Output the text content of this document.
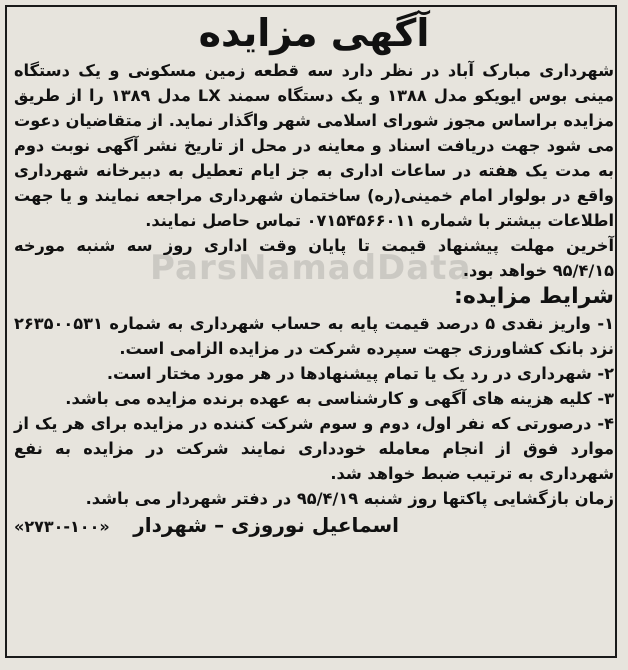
ParsNamadData
آگهی مزایده

شهرداری مبارک آباد در نظر دارد سه قطعه زمین مسکونی و یک دستگاه مینی بوس ایویکو مدل ۱۳۸۸ و یک دستگاه سمند LX مدل ۱۳۸۹ را از طریق مزایده براساس مجوز شورای اسلامی شهر واگذار نماید. از متقاضیان دعوت می شود جهت دریافت اسناد و معاینه در محل از تاریخ نشر آگهی نوبت دوم به مدت یک هفته در ساعات اداری به جز ایام تعطیل به دبیرخانه شهرداری واقع در بولوار امام خمینی(ره) ساختمان شهرداری مراجعه نمایند و یا جهت اطلاعات بیشتر با شماره ۰۷۱۵۴۵۶۶۰۱۱ تماس حاصل نمایند.

آخرین مهلت پیشنهاد قیمت تا پایان وقت اداری روز سه شنبه مورخه ۹۵/۴/۱۵ خواهد بود.

شرایط مزایده:

۱- واریز نقدی ۵ درصد قیمت پایه به حساب شهرداری به شماره ۲۶۳۵۰۰۵۳۱ نزد بانک کشاورزی جهت سپرده شرکت در مزایده الزامی است.

۲- شهرداری در رد یک یا تمام پیشنهادها در هر مورد مختار است.

۳- کلیه هزینه های آگهی و کارشناسی به عهده برنده مزایده می باشد.

۴- درصورتی که نفر اول، دوم و سوم شرکت کننده در مزایده برای هر یک از موارد فوق از انجام معامله خودداری نمایند شرکت در مزایده به نفع شهرداری به ترتیب ضبط خواهد شد.

زمان بازگشایی پاکتها روز شنبه ۹۵/۴/۱۹ در دفتر شهردار می باشد.

اسماعیل نوروزی – شهردار
«۲۷۳۰-۱۰۰»
